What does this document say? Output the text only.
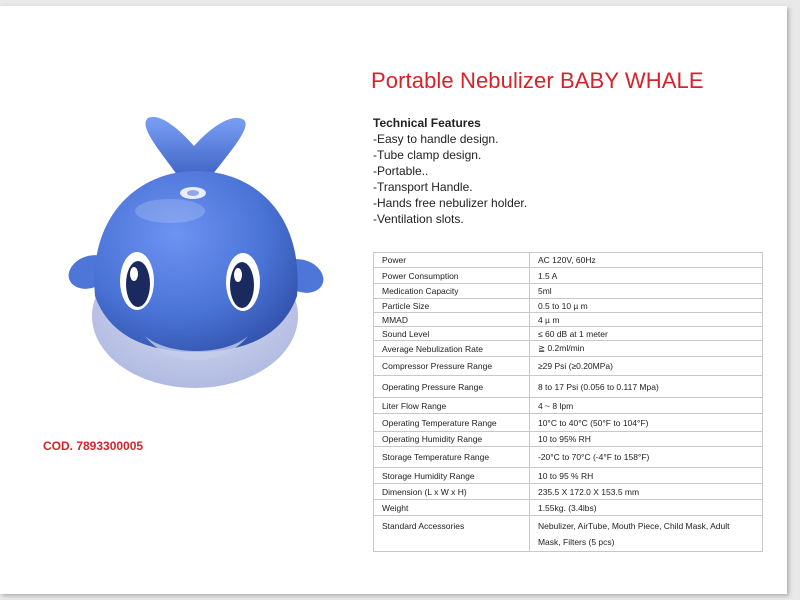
Portable Nebulizer BABY WHALE
Technical Features
-Easy to handle design.
-Tube clamp design.
-Portable..
-Transport Handle.
-Hands free nebulizer holder.
-Ventilation slots.
COD. 7893300005
Power	AC 120V, 60Hz
Power Consumption	1.5 A
Medication Capacity	5ml
Particle Size	0.5 to 10 µ m
MMAD	4 µ m
Sound Level	≤ 60 dB at 1 meter
Average Nebulization Rate	≧ 0.2ml/min
Compressor Pressure Range	≥29 Psi (≥0.20MPa)
Operating Pressure Range	8 to 17 Psi (0.056 to 0.117 Mpa)
Liter Flow Range	4 ~ 8 lpm
Operating Temperature Range	10°C to 40°C (50°F to 104°F)
Operating Humidity Range	10 to 95% RH
Storage Temperature Range	-20°C to 70°C (-4°F to 158°F)
Storage Humidity Range	10 to 95 % RH
Dimension (L x W x H)	235.5 X 172.0 X 153.5 mm
Weight	1.55kg. (3.4lbs)
Standard Accessories	Nebulizer, AirTube, Mouth Piece, Child Mask, Adult Mask, Filters (5 pcs)
